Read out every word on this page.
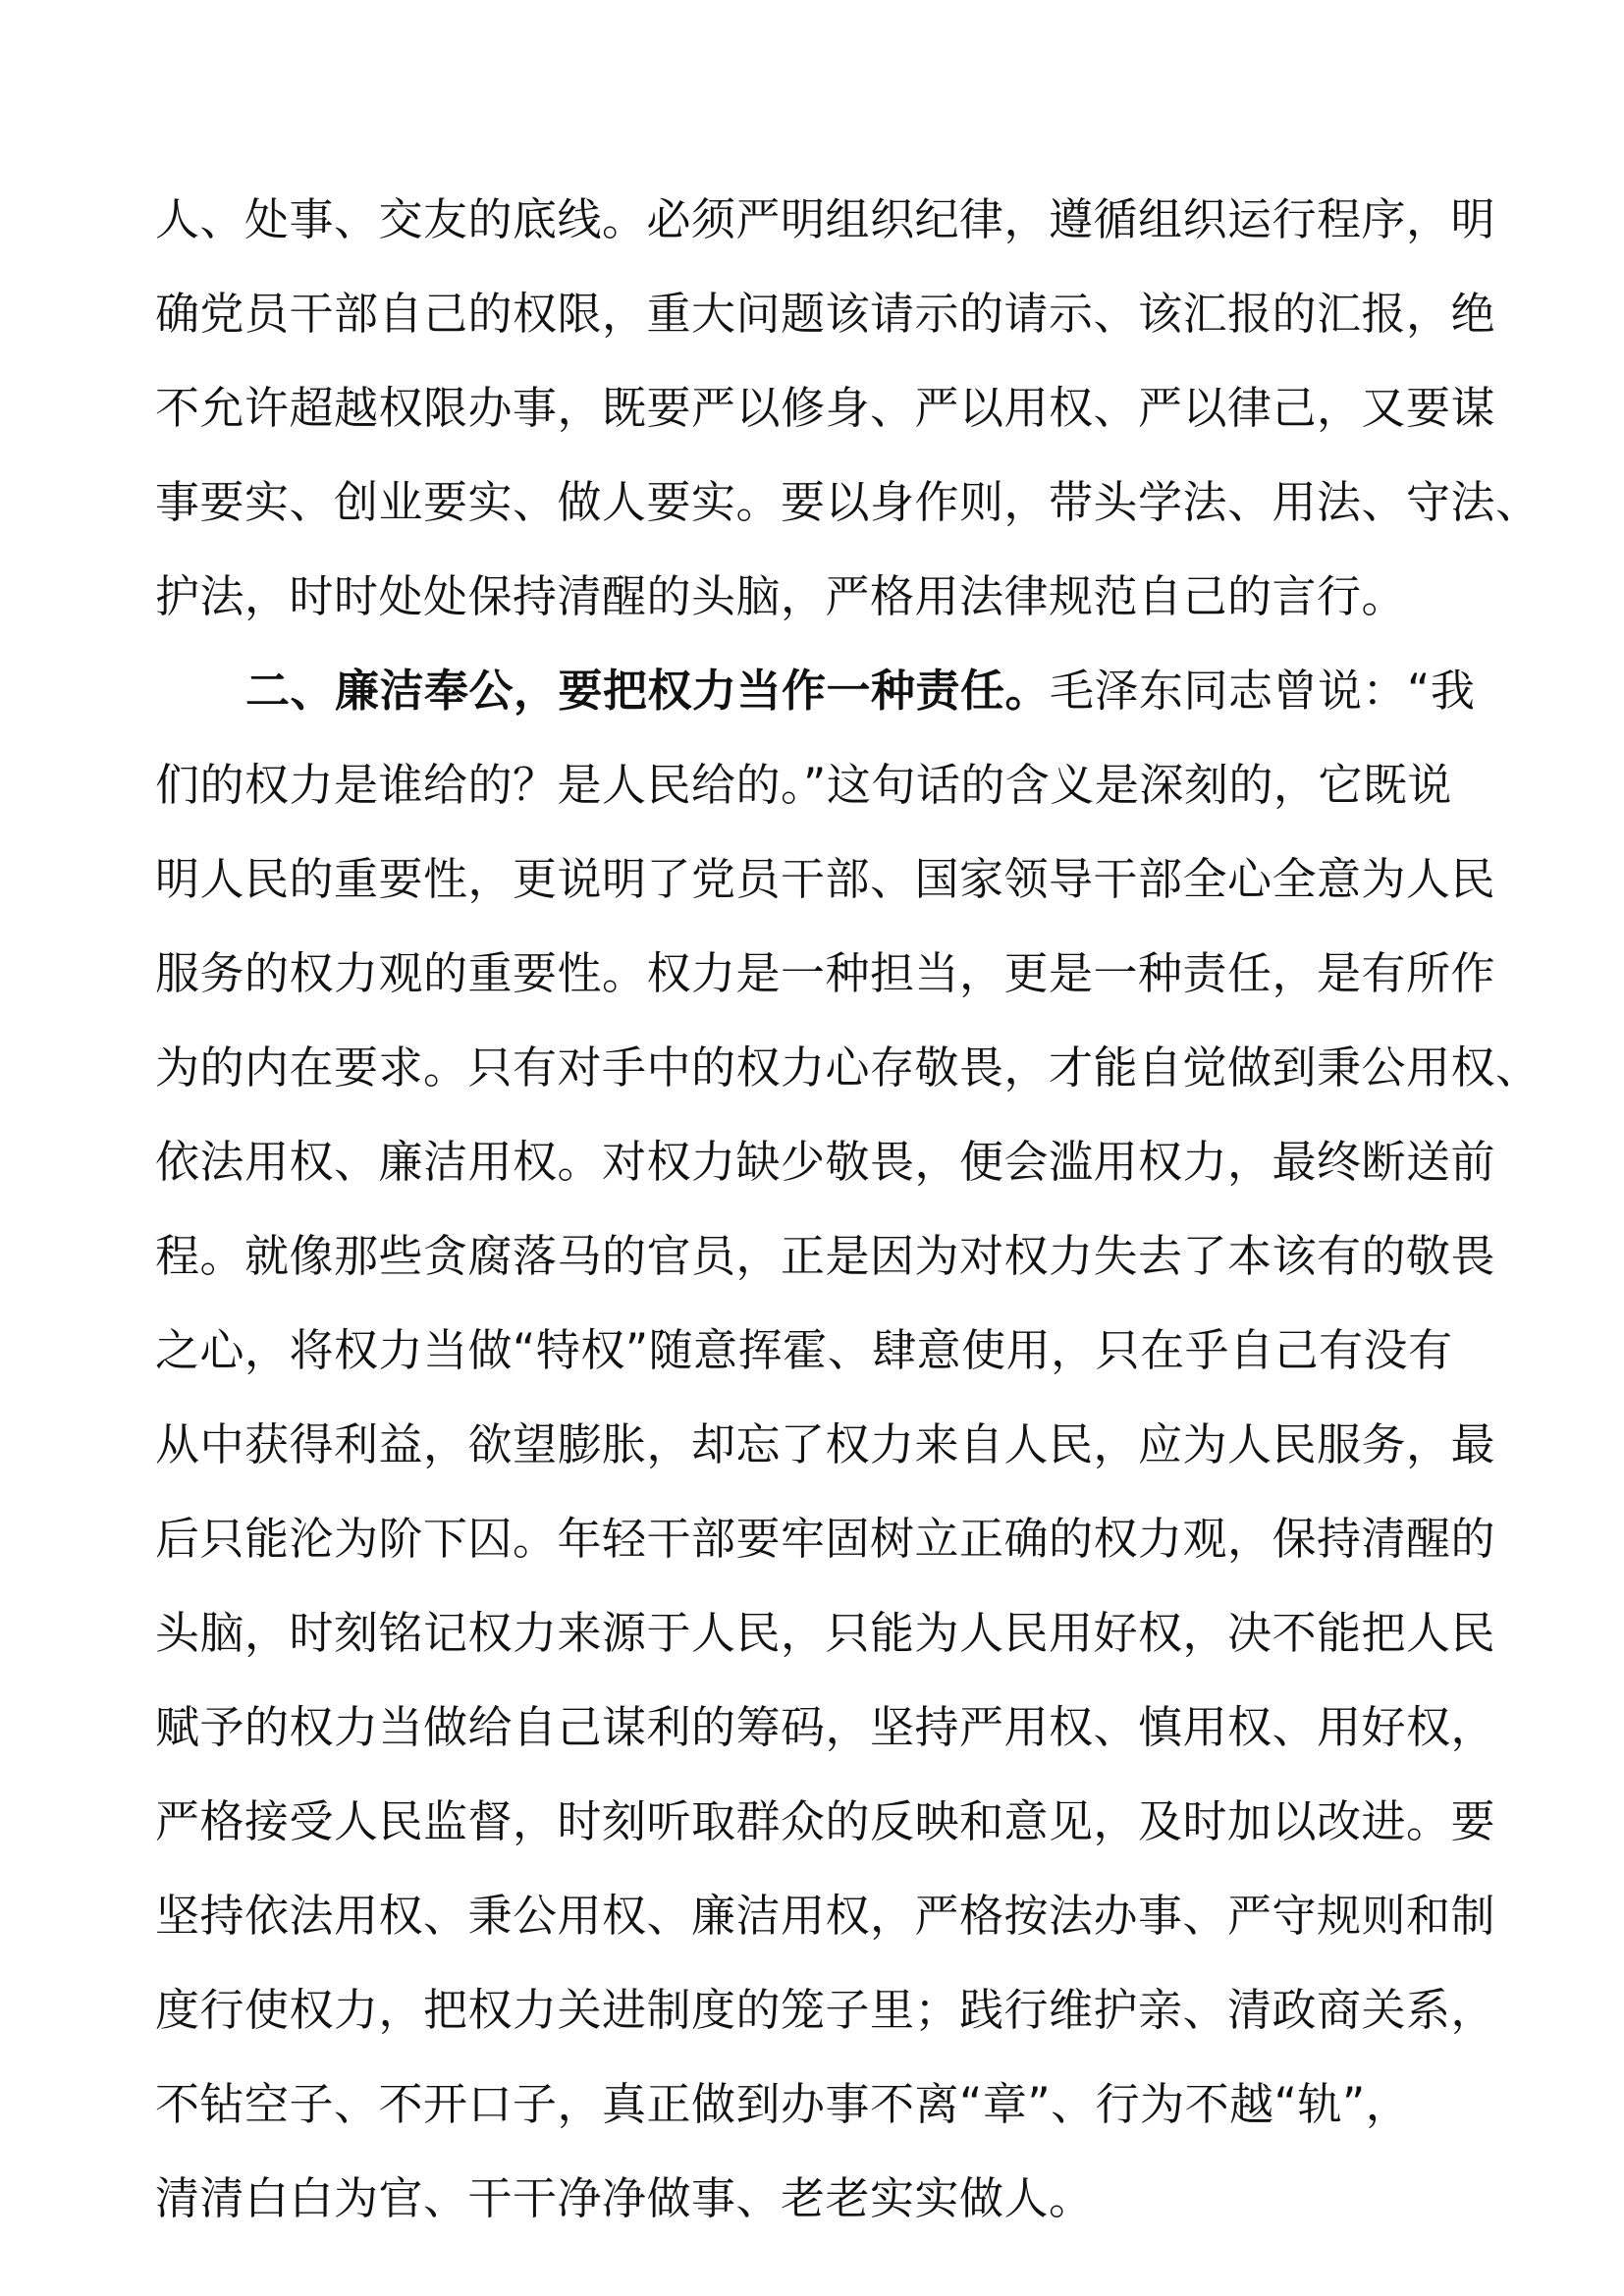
人、处事、交友的底线。必须严明组织纪律，遵循组织运行程序，明
确党员干部自己的权限，重大问题该请示的请示、该汇报的汇报，绝
不允许超越权限办事，既要严以修身、严以用权、严以律己，又要谋
事要实、创业要实、做人要实。要以身作则，带头学法、用法、守法、
护法，时时处处保持清醒的头脑，严格用法律规范自己的言行。
二、廉洁奉公，要把权力当作一种责任。毛泽东同志曾说：“我
们的权力是谁给的？是人民给的。”这句话的含义是深刻的，它既说
明人民的重要性，更说明了党员干部、国家领导干部全心全意为人民
服务的权力观的重要性。权力是一种担当，更是一种责任，是有所作
为的内在要求。只有对手中的权力心存敬畏，才能自觉做到秉公用权、
依法用权、廉洁用权。对权力缺少敬畏，便会滥用权力，最终断送前
程。就像那些贪腐落马的官员，正是因为对权力失去了本该有的敬畏
之心，将权力当做“特权”随意挥霍、肆意使用，只在乎自己有没有
从中获得利益，欲望膨胀，却忘了权力来自人民，应为人民服务，最
后只能沦为阶下囚。年轻干部要牢固树立正确的权力观，保持清醒的
头脑，时刻铭记权力来源于人民，只能为人民用好权，决不能把人民
赋予的权力当做给自己谋利的筹码，坚持严用权、慎用权、用好权，
严格接受人民监督，时刻听取群众的反映和意见，及时加以改进。要
坚持依法用权、秉公用权、廉洁用权，严格按法办事、严守规则和制
度行使权力，把权力关进制度的笼子里；践行维护亲、清政商关系，
不钻空子、不开口子，真正做到办事不离“章”、行为不越“轨”，
清清白白为官、干干净净做事、老老实实做人。
